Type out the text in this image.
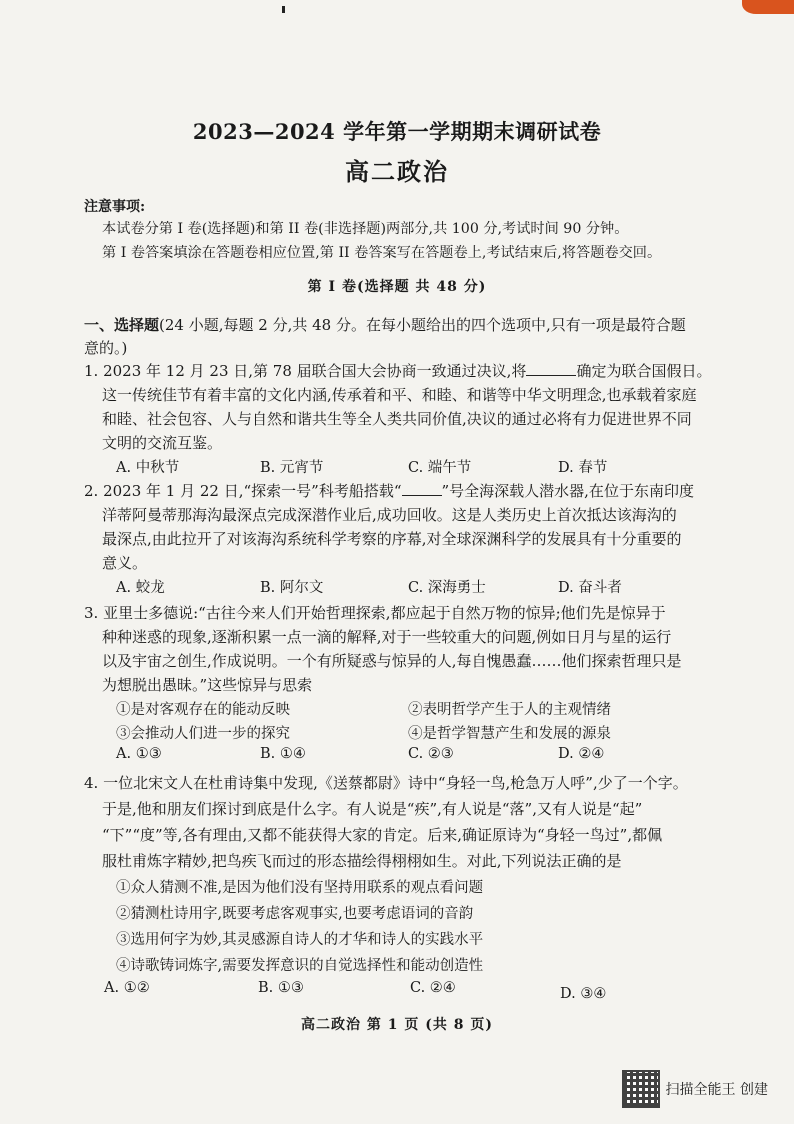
2023—2024 学年第一学期期末调研试卷
高二政治
注意事项:
本试卷分第 I 卷(选择题)和第 II 卷(非选择题)两部分,共 100 分,考试时间 90 分钟。
第 I 卷答案填涂在答题卷相应位置,第 II 卷答案写在答题卷上,考试结束后,将答题卷交回。
第 I 卷(选择题 共 48 分)
一、选择题(24 小题,每题 2 分,共 48 分。在每小题给出的四个选项中,只有一项是最符合题
意的。)
1. 2023 年 12 月 23 日,第 78 届联合国大会协商一致通过决议,将	确定为联合国假日。
这一传统佳节有着丰富的文化内涵,传承着和平、和睦、和谐等中华文明理念,也承载着家庭
和睦、社会包容、人与自然和谐共生等全人类共同价值,决议的通过必将有力促进世界不同
文明的交流互鉴。
A. 中秋节	B. 元宵节	C. 端午节	D. 春节
2. 2023 年 1 月 22 日,“探索一号”科考船搭载“	”号全海深载人潜水器,在位于东南印度
洋蒂阿曼蒂那海沟最深点完成深潜作业后,成功回收。这是人类历史上首次抵达该海沟的
最深点,由此拉开了对该海沟系统科学考察的序幕,对全球深渊科学的发展具有十分重要的
意义。
A. 蛟龙	B. 阿尔文	C. 深海勇士	D. 奋斗者
3. 亚里士多德说:“古往今来人们开始哲理探索,都应起于自然万物的惊异;他们先是惊异于
种种迷惑的现象,逐渐积累一点一滴的解释,对于一些较重大的问题,例如日月与星的运行
以及宇宙之创生,作成说明。一个有所疑惑与惊异的人,每自愧愚蠢……他们探索哲理只是
为想脱出愚昧。”这些惊异与思索
①是对客观存在的能动反映	②表明哲学产生于人的主观情绪
③会推动人们进一步的探究	④是哲学智慧产生和发展的源泉
A. ①③	B. ①④	C. ②③	D. ②④
4. 一位北宋文人在杜甫诗集中发现,《送蔡都尉》诗中“身轻一鸟,枪急万人呼”,少了一个字。
于是,他和朋友们探讨到底是什么字。有人说是“疾”,有人说是“落”,又有人说是“起”
“下”“度”等,各有理由,又都不能获得大家的肯定。后来,确证原诗为“身轻一鸟过”,都佩
服杜甫炼字精妙,把鸟疾飞而过的形态描绘得栩栩如生。对此,下列说法正确的是
①众人猜测不准,是因为他们没有坚持用联系的观点看问题
②猜测杜诗用字,既要考虑客观事实,也要考虑语词的音韵
③选用何字为妙,其灵感源自诗人的才华和诗人的实践水平
④诗歌铸词炼字,需要发挥意识的自觉选择性和能动创造性
A. ①②	B. ①③	C. ②④	D. ③④
高二政治 第 1 页 (共 8 页)
扫描全能王 创建
